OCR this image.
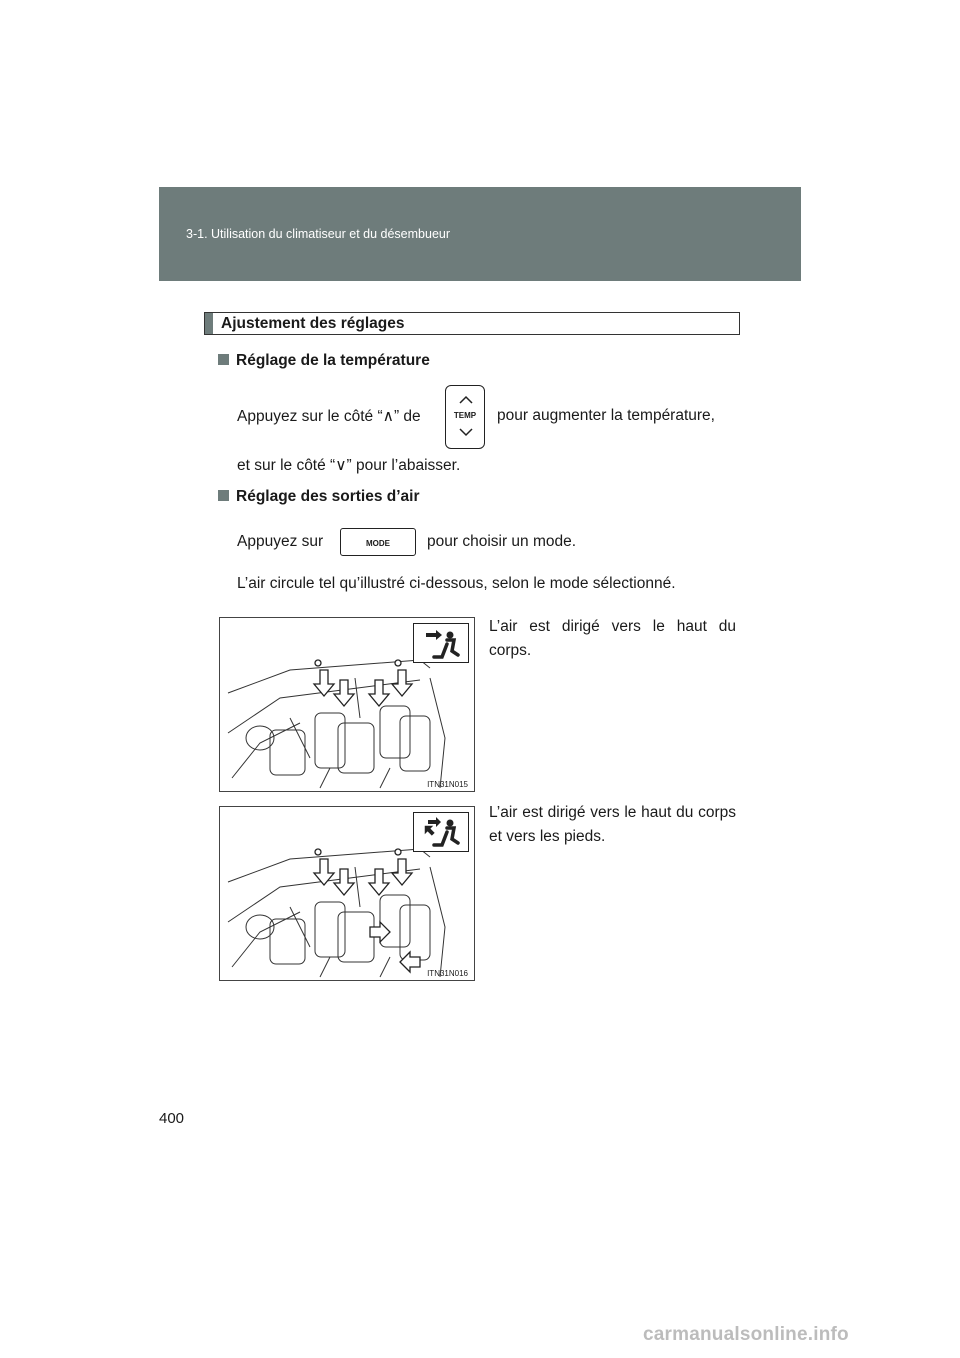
3-1. Utilisation du climatiseur et du désembueur
Ajustement des réglages
Réglage de la température
Appuyez sur le côté “∧” de	TEMP	pour augmenter la température,
et sur le côté “∨” pour l’abaisser.
Réglage des sorties d’air
Appuyez sur	MODE	pour choisir un mode.
L’air circule tel qu’illustré ci-dessous, selon le mode sélectionné.
ITN31N015
L’air est dirigé vers le haut du corps.
ITN31N016
L’air est dirigé vers le haut du corps et vers les pieds.
400
carmanualsonline.info
